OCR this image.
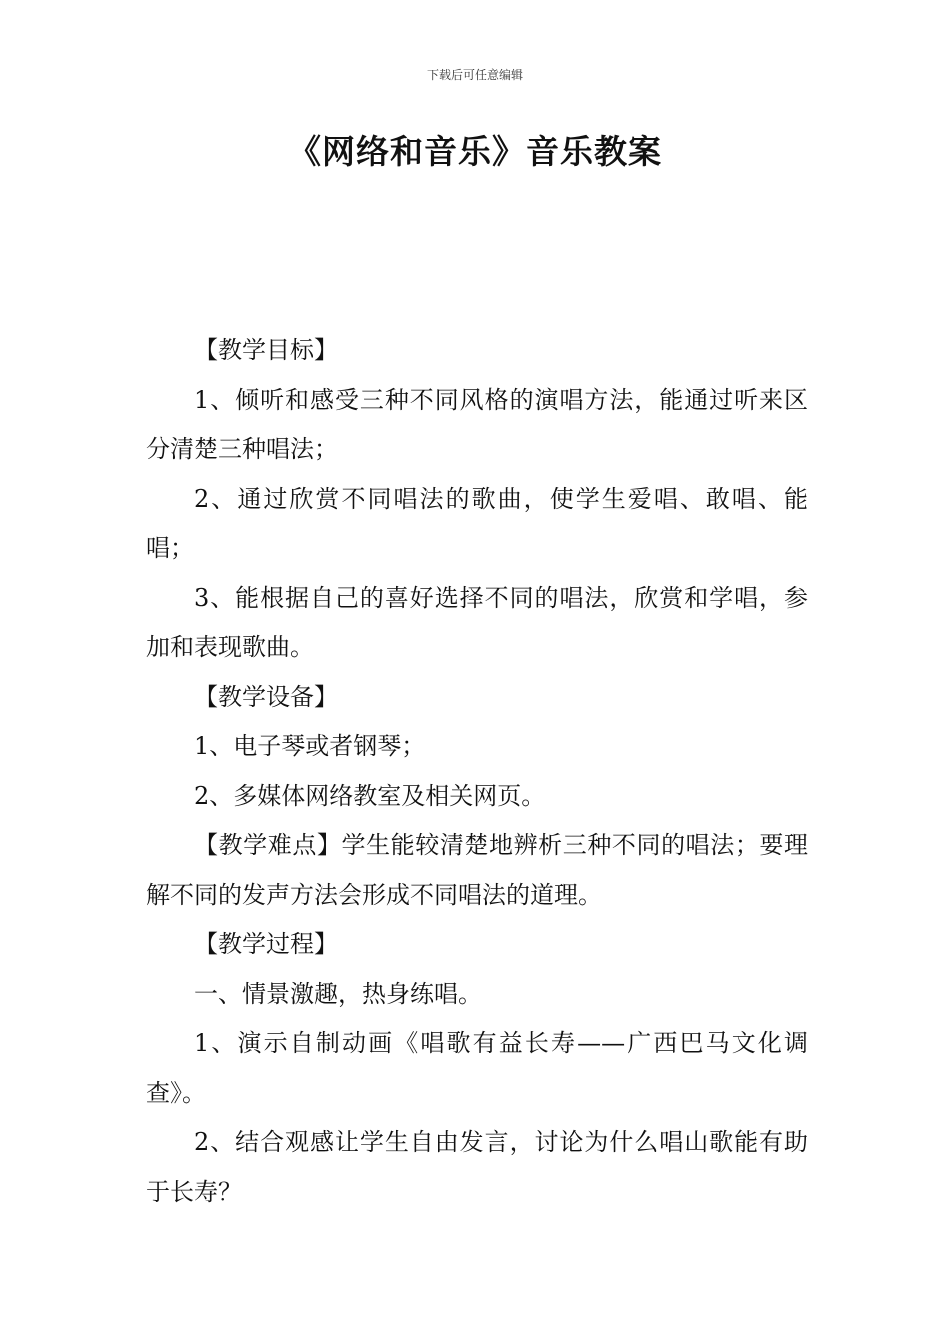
下载后可任意编辑
《网络和音乐》音乐教案

【教学目标】

1、倾听和感受三种不同风格的演唱方法，能通过听来区分清楚三种唱法；

2、通过欣赏不同唱法的歌曲，使学生爱唱、敢唱、能唱；

3、能根据自己的喜好选择不同的唱法，欣赏和学唱，参加和表现歌曲。

【教学设备】

1、电子琴或者钢琴；

2、多媒体网络教室及相关网页。

【教学难点】学生能较清楚地辨析三种不同的唱法；要理解不同的发声方法会形成不同唱法的道理。

【教学过程】

一、情景激趣，热身练唱。

1、演示自制动画《唱歌有益长寿——广西巴马文化调查》。

2、结合观感让学生自由发言，讨论为什么唱山歌能有助于长寿？
